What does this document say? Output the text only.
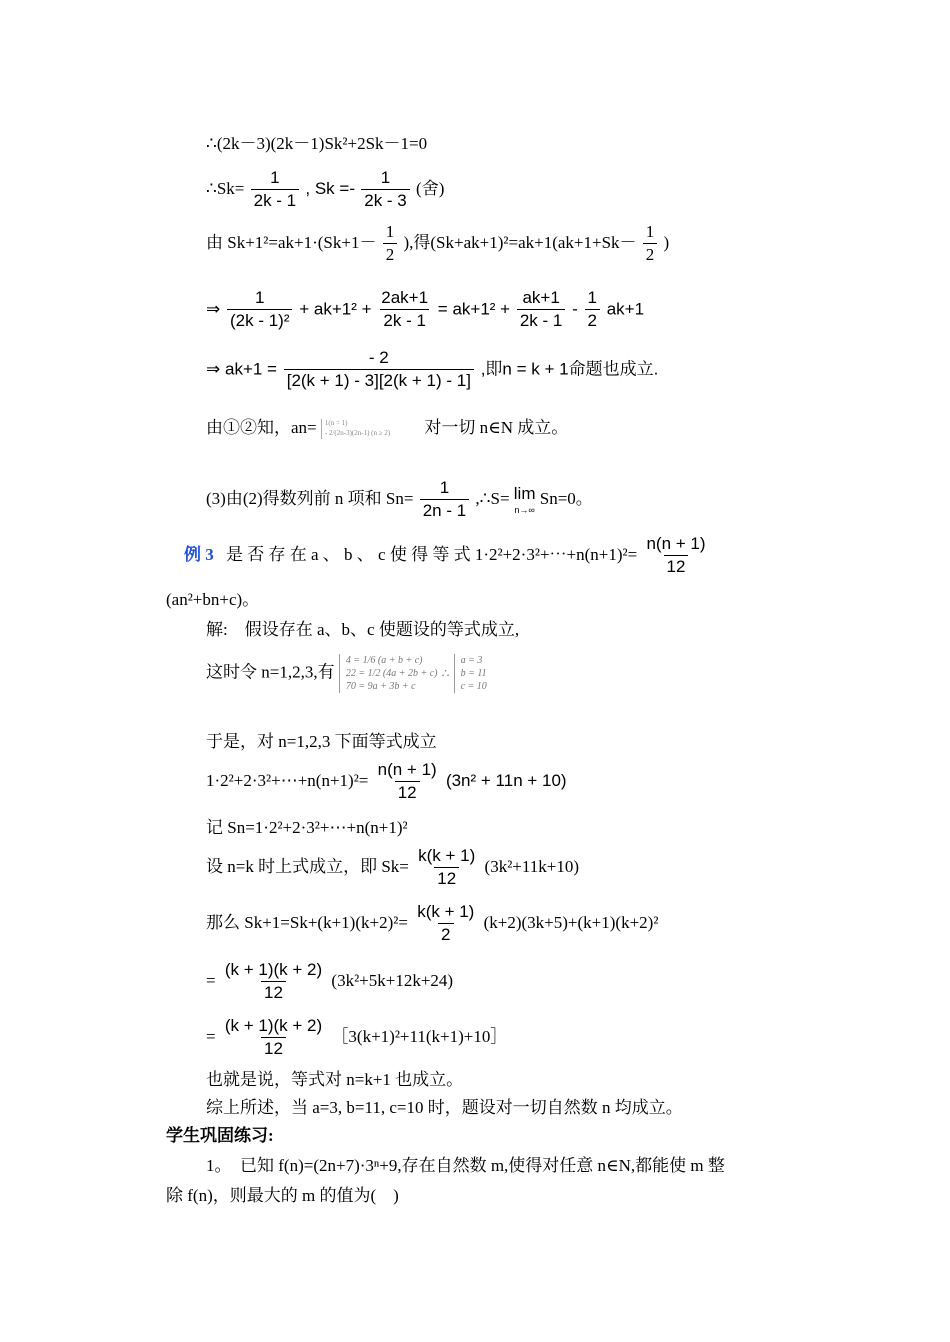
∴(2k－3)(2k－1)Sk²+2Sk－1=0
∴Sk= $\frac{1}{2k - 1}$ , $Sk =- \frac{1}{2k - 3}$ (舍)
由 $Sk+1^2=ak+1\cdot(Sk+1- \frac{1}{2}$ ),得$(Sk+ak+1)^2=ak+1(ak+1+Sk- \frac{1}{2}$ )
⇒ $\frac{1}{\text{(2k - 1)²}} + ak+1^2 + \frac{2ak+1}{2k - 1} = ak+1^2 + \frac{ak+1}{2k - 1} - \frac{1}{2} ak+1$
⇒ $ak+1 = \frac{- 2}{[2(k + 1) - 3][2(k + 1) - 1]}$ ,即n = k + 1命题也成立.
由①②知，an= 1(n = 1)
- 2/(2n-3)(2n-1) (n ≥ 2) 对一切 n∈N 成立。
(3)由(2)得数列前 n 项和 $Sn= \frac{1}{2n - 1}$ ,∴S= lim
n→∞
Sn=0。
例 3 是 否 存 在 a 、 b 、 c 使 得 等 式 1·2²+2·3²+⋯+n(n+1)²= $\frac{n(n + 1)}{12}$
(an²+bn+c)。
解:　假设存在 a、b、c 使题设的等式成立,
这时令 n=1,2,3,有 4 = 1/6 (a + b + c)
22 = 1/2 (4a + 2b + c)
70 = 9a + 3b + c ∴ a = 3
b = 11
c = 10
于是，对 n=1,2,3 下面等式成立
1·2²+2·3²+⋯+n(n+1)²= $\frac{n(n + 1)}{12} (3n^2 + 11n + 10)$
记 Sn=1·2²+2·3²+⋯+n(n+1)²
设 n=k 时上式成立，即 $Sk= \frac{k(k + 1)}{12} (3k^2+11k+10)$
那么 $Sk+1=Sk+(k+1)(k+2)^2= \frac{k(k + 1)}{2} (k+2)(3k+5)+(k+1)(k+2)^2$
= $\frac{(k + 1)(k + 2)}{12} (3k^2+5k+12k+24)$
= $\frac{(k + 1)(k + 2)}{12}$ ［3(k+1)²+11(k+1)+10］
也就是说，等式对 n=k+1 也成立。
综上所述，当 a=3, b=11, c=10 时，题设对一切自然数 n 均成立。
学生巩固练习:
1。　已知 f(n)=(2n+7)·3ⁿ+9,存在自然数 m,使得对任意 n∈N,都能使 m 整
除 f(n)，则最大的 m 的值为(　)
